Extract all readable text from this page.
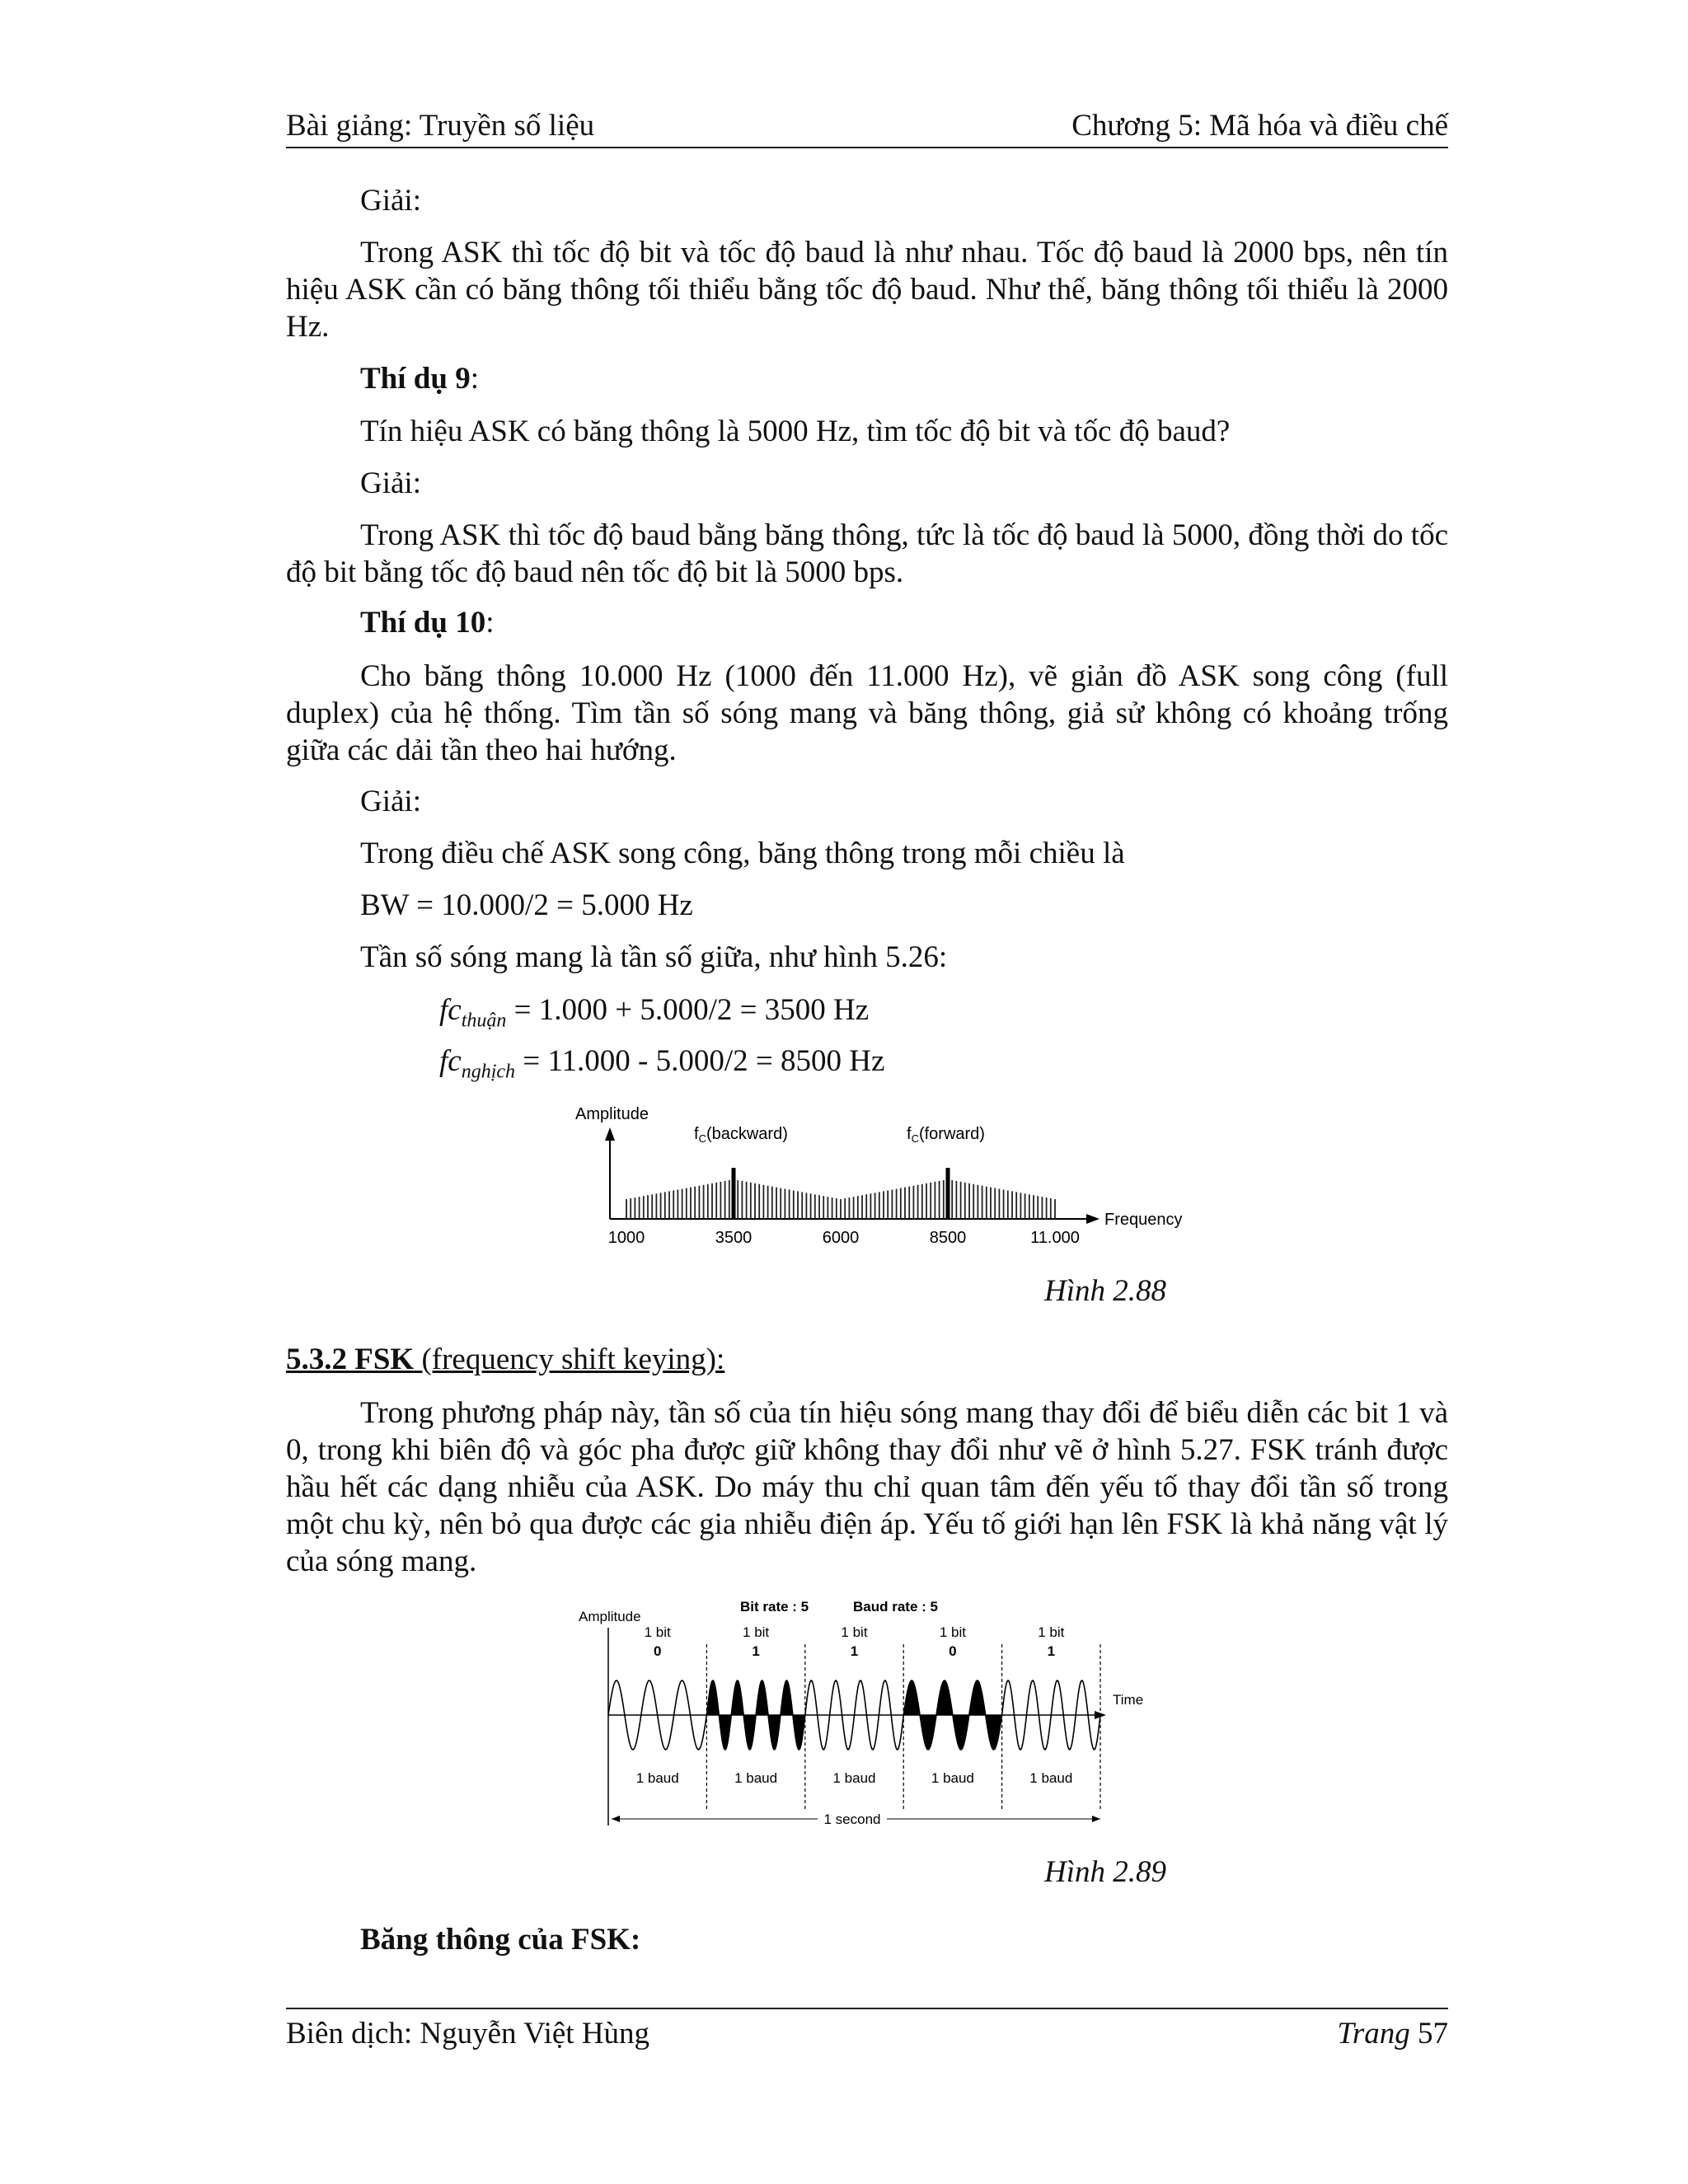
Bài giảng: Truyền số liệu	Chương 5: Mã hóa và điều chế
Giải:
Trong ASK thì tốc độ bit và tốc độ baud là như nhau. Tốc độ baud là 2000 bps, nên tín hiệu ASK cần có băng thông tối thiểu bằng tốc độ baud. Như thế, băng thông tối thiểu là 2000 Hz.
Thí dụ 9:
Tín hiệu ASK có băng thông là 5000 Hz, tìm tốc độ bit và tốc độ baud?
Giải:
Trong ASK thì tốc độ baud bằng băng thông, tức là tốc độ baud là 5000, đồng thời do tốc độ bit bằng tốc độ baud nên tốc độ bit là 5000 bps.
Thí dụ 10:
Cho băng thông 10.000 Hz (1000 đến 11.000 Hz), vẽ giản đồ ASK song công (full duplex) của hệ thống. Tìm tần số sóng mang và băng thông, giả sử không có khoảng trống giữa các dải tần theo hai hướng.
Giải:
Trong điều chế ASK song công, băng thông trong mỗi chiều là
BW = 10.000/2 = 5.000 Hz
Tần số sóng mang là tần số giữa, như hình 5.26:
$fc_{thuận} = 1.000 + 5.000/2 = 3500$ Hz
$fc_{nghịch} = 11.000 - 5.000/2 = 8500$ Hz
Amplitude
Frequency
$f_C(backward)$	$f_C(forward)$
1000	3500	6000	8500	11.000
Hình 2.88
5.3.2 FSK (frequency shift keying):
Trong phương pháp này, tần số của tín hiệu sóng mang thay đổi để biểu diễn các bit 1 và 0, trong khi biên độ và góc pha được giữ không thay đổi như vẽ ở hình 5.27. FSK tránh được hầu hết các dạng nhiễu của ASK. Do máy thu chỉ quan tâm đến yếu tố thay đổi tần số trong một chu kỳ, nên bỏ qua được các gia nhiễu điện áp. Yếu tố giới hạn lên FSK là khả năng vật lý của sóng mang.
Bit rate : 5	Baud rate : 5
Amplitude
Time
1 bit
0
1 baud
1 bit
1
1 baud
1 bit
1
1 baud
1 bit
0
1 baud
1 bit
1
1 baud
1 second
Hình 2.89
Băng thông của FSK:
Biên dịch: Nguyễn Việt Hùng	Trang 57
